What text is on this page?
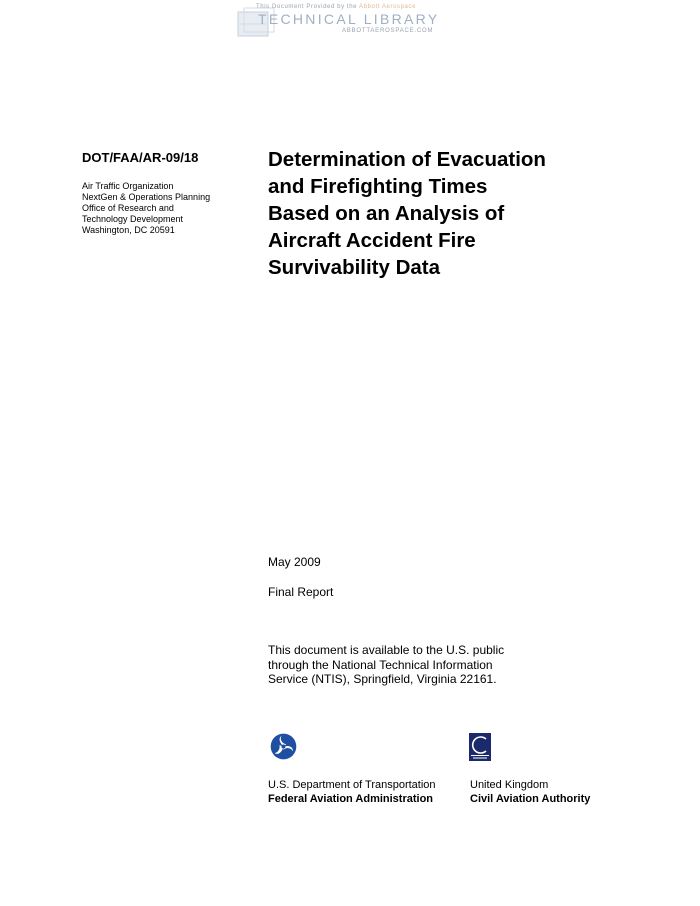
This Document Provided by the Abbott Aerospace
TECHNICAL LIBRARY
ABBOTTAEROSPACE.COM
DOT/FAA/AR-09/18
Air Traffic Organization
NextGen & Operations Planning
Office of Research and
Technology Development
Washington, DC 20591
Determination of Evacuation
and Firefighting Times
Based on an Analysis of
Aircraft Accident Fire
Survivability Data
May 2009
Final Report
This document is available to the U.S. public
through the National Technical Information
Service (NTIS), Springfield, Virginia 22161.
U.S. Department of Transportation
Federal Aviation Administration
United Kingdom
Civil Aviation Authority
